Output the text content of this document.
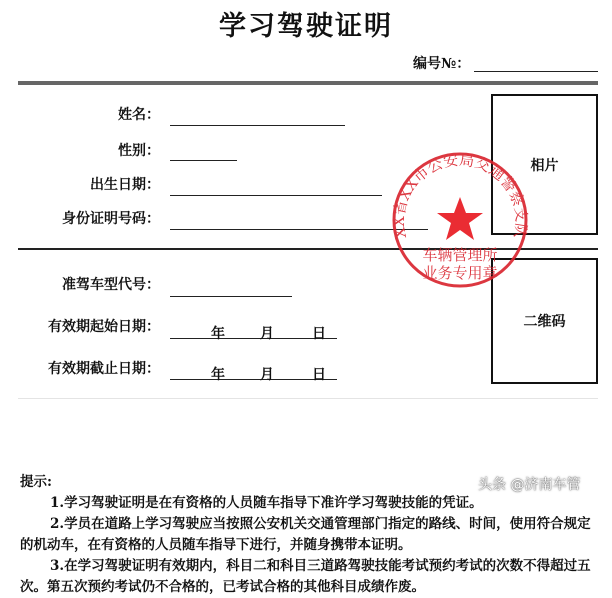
学习驾驶证明
编号№：
姓名：
性别：
出生日期：
身份证明号码：
相片
准驾车型代号：
有效期起始日期：	年	月	日
有效期截止日期：	年	月	日
二维码
XX省XX市公安局交通警察支队
车辆管理所
业务专用章
提示:
1.学习驾驶证明是在有资格的人员随车指导下准许学习驾驶技能的凭证。
2.学员在道路上学习驾驶应当按照公安机关交通管理部门指定的路线、时间，使用符合规定的机动车，在有资格的人员随车指导下进行，并随身携带本证明。
3.在学习驾驶证明有效期内，科目二和科目三道路驾驶技能考试预约考试的次数不得超过五次。第五次预约考试仍不合格的，已考试合格的其他科目成绩作废。
头条 @济南车管
